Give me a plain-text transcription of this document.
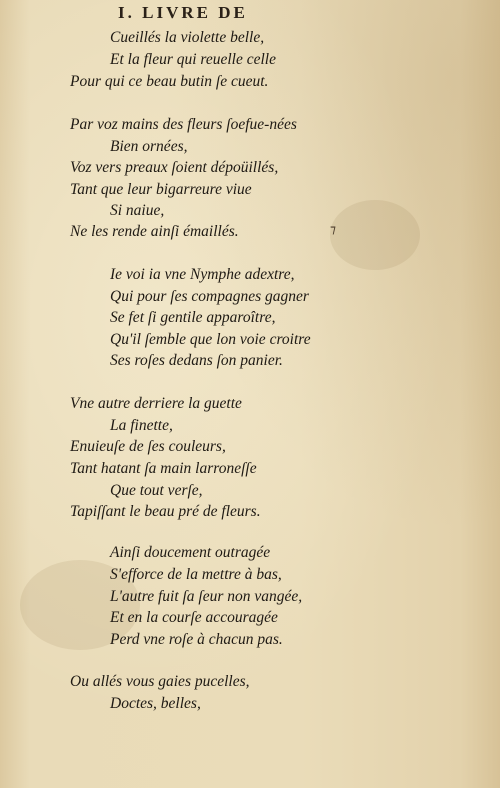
I. LIVRE DE
Cueillés la violette belle,
Et la fleur qui reuelle celle
Pour qui ce beau butin ſe cueut.
Par voz mains des fleurs ſoefue-nées
Bien ornées,
Voz vers preaux ſoient dépoüillés,
Tant que leur bigarreure viue
Si naiue,
Ne les rende ainſi émaillés.	⁊
Ie voi ia vne Nymphe adextre,
Qui pour ſes compagnes gagner
Se fet ſi gentile apparoître,
Qu'il ſemble que lon voie croitre
Ses roſes dedans ſon panier.
Vne autre derriere la guette
La finette,
Enuieuſe de ſes couleurs,
Tant hatant ſa main larroneſſe
Que tout verſe,
Tapiſſant le beau pré de fleurs.
Ainſi doucement outragée
S'efforce de la mettre à bas,
L'autre fuit ſa ſeur non vangée,
Et en la courſe accouragée
Perd vne roſe à chacun pas.
Ou allés vous gaies pucelles,
Doctes, belles,
